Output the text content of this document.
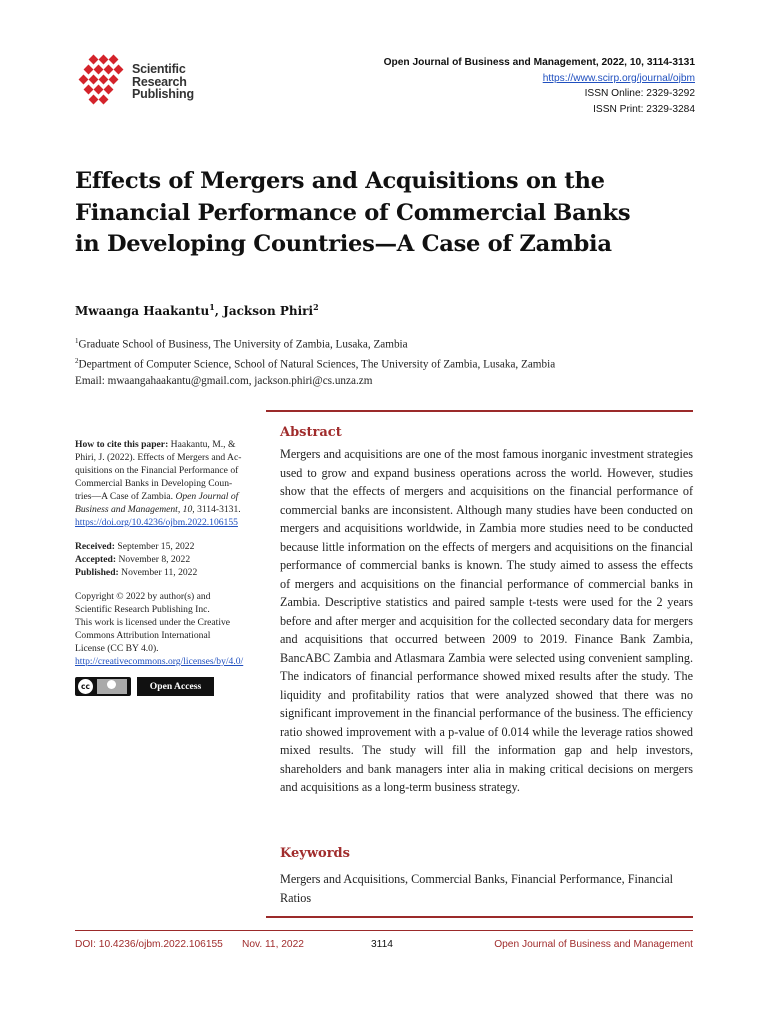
Scientific
Research
Publishing
Open Journal of Business and Management, 2022, 10, 3114-3131
https://www.scirp.org/journal/ojbm
ISSN Online: 2329-3292
ISSN Print: 2329-3284
Effects of Mergers and Acquisitions on the
Financial Performance of Commercial Banks
in Developing Countries—A Case of Zambia
Mwaanga Haakantu$^1$, Jackson Phiri$^2$
$^1$Graduate School of Business, The University of Zambia, Lusaka, Zambia
$^2$Department of Computer Science, School of Natural Sciences, The University of Zambia, Lusaka, Zambia
Email: mwaangahaakantu@gmail.com, jackson.phiri@cs.unza.zm

How to cite this paper: Haakantu, M., &
Phiri, J. (2022). Effects of Mergers and Ac-
quisitions on the Financial Performance of
Commercial Banks in Developing Coun-
tries—A Case of Zambia. Open Journal of
Business and Management, 10, 3114-3131.
https://doi.org/10.4236/ojbm.2022.106155

Received: September 15, 2022
Accepted: November 8, 2022
Published: November 11, 2022

Copyright © 2022 by author(s) and
Scientific Research Publishing Inc.
This work is licensed under the Creative
Commons Attribution International
License (CC BY 4.0).
http://creativecommons.org/licenses/by/4.0/

cc	Open Access
Abstract

Mergers and acquisitions are one of the most famous inorganic investment strategies used to grow and expand business operations across the world. However, studies show that the effects of mergers and acquisitions on the financial performance of commercial banks are inconsistent. Although many studies have been conducted on mergers and acquisitions worldwide, in Zambia more studies need to be conducted because little information on the effects of mergers and acquisitions on the financial performance of commercial banks is known. The study aimed to assess the effects of mergers and acquisitions on the financial performance of commercial banks in Zambia. Descriptive statistics and paired sample t-tests were used for the 2 years before and after merger and acquisition for the collected secondary data for mergers and acquisitions that occurred between 2009 to 2019. Finance Bank Zambia, BancABC Zambia and Atlasmara Zambia were selected using convenient sampling. The indicators of financial performance showed mixed results after the study. The liquidity and profitability ratios that were analyzed showed that there was no significant improvement in the financial performance of the business. The efficiency ratio showed improvement with a p-value of 0.014 while the leverage ratios showed mixed results. The study will fill the information gap and help investors, shareholders and bank managers inter alia in making critical decisions on mergers and acquisitions as a long-term business strategy.

Keywords

Mergers and Acquisitions, Commercial Banks, Financial Performance, Financial Ratios

DOI: 10.4236/ojbm.2022.106155 Nov. 11, 2022	3114	Open Journal of Business and Management
